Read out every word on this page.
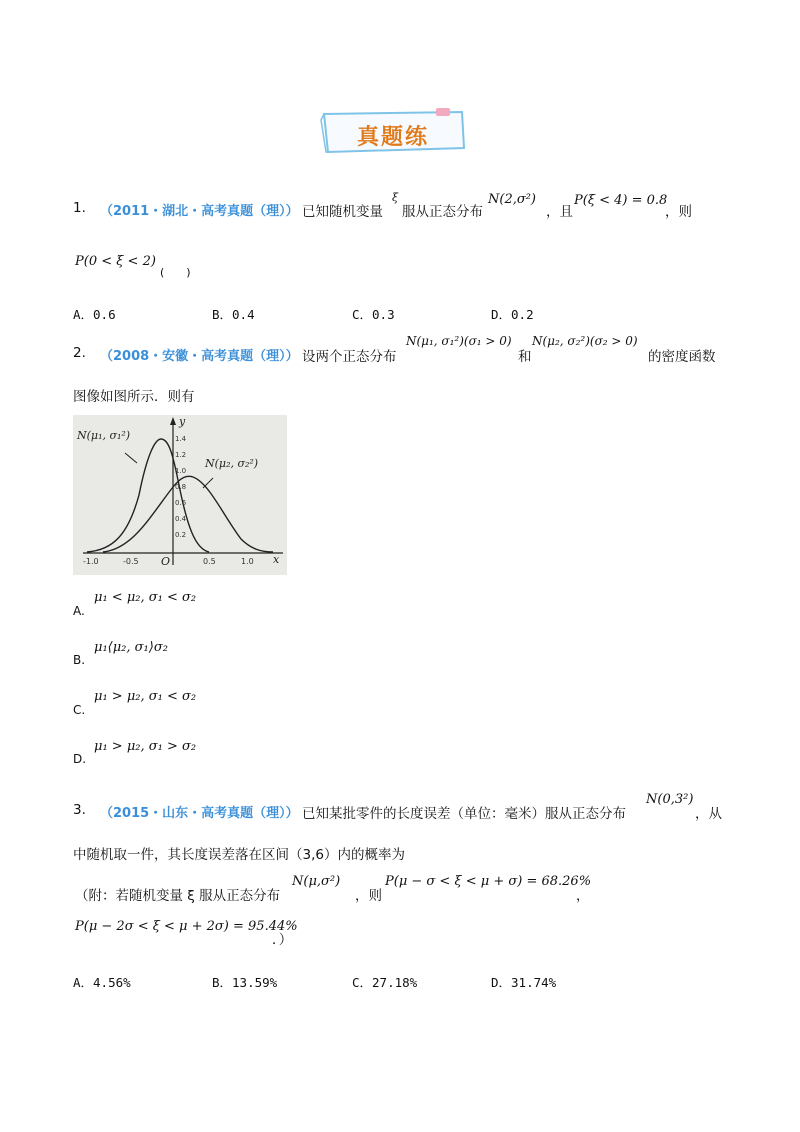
真题练
1. （2011・湖北・高考真题（理）） 已知随机变量
ξ
服从正态分布
N(2,σ²)
，且
P(ξ < 4) = 0.8
，则
P(0 < ξ < 2)
(　　)
A．0.6	B．0.4	C．0.3	D．0.2
2. （2008・安徽・高考真题（理）） 设两个正态分布
N(μ₁, σ₁²)(σ₁ > 0)
和
N(μ₂, σ₂²)(σ₂ > 0)
的密度函数
图像如图所示．则有
N(μ₁, σ₁²)
N(μ₂, σ₂²)
y
x
O
1.4
1.2
1.0
0.8
0.6
0.4
0.2
-1.0	-0.5	0.5	1.0
A.
μ₁ < μ₂, σ₁ < σ₂
B.
μ₁⟨μ₂, σ₁⟩σ₂
C.
μ₁ > μ₂, σ₁ < σ₂
D.
μ₁ > μ₂, σ₁ > σ₂
3. （2015・山东・高考真题（理）） 已知某批零件的长度误差（单位：毫米）服从正态分布
N(0,3²)
，从
中随机取一件，其长度误差落在区间（3,6）内的概率为
（附：若随机变量 ξ 服从正态分布
N(μ,σ²)
，则
P(μ − σ < ξ < μ + σ) = 68.26%
，
P(μ − 2σ < ξ < μ + 2σ) = 95.44%
．）
A．4.56%	B．13.59%	C．27.18%	D．31.74%
